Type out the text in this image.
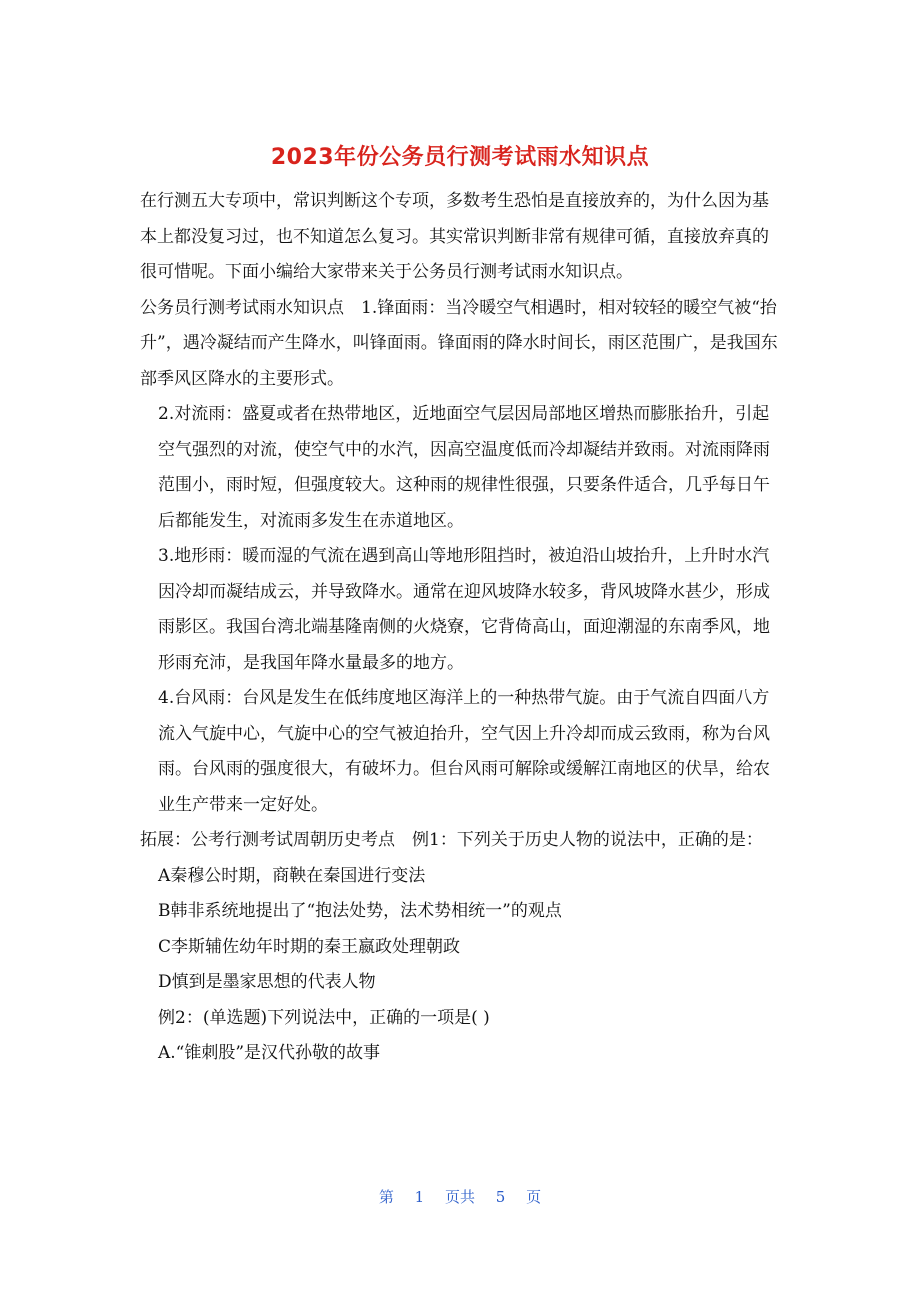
2023年份公务员行测考试雨水知识点

在行测五大专项中，常识判断这个专项，多数考生恐怕是直接放弃的，为什么因为基本上都没复习过，也不知道怎么复习。其实常识判断非常有规律可循，直接放弃真的很可惜呢。下面小编给大家带来关于公务员行测考试雨水知识点。

公务员行测考试雨水知识点　1.锋面雨：当冷暖空气相遇时，相对较轻的暖空气被“抬升”，遇冷凝结而产生降水，叫锋面雨。锋面雨的降水时间长，雨区范围广，是我国东部季风区降水的主要形式。

2.对流雨：盛夏或者在热带地区，近地面空气层因局部地区增热而膨胀抬升，引起空气强烈的对流，使空气中的水汽，因高空温度低而冷却凝结并致雨。对流雨降雨范围小，雨时短，但强度较大。这种雨的规律性很强，只要条件适合，几乎每日午后都能发生，对流雨多发生在赤道地区。

3.地形雨：暖而湿的气流在遇到高山等地形阻挡时，被迫沿山坡抬升，上升时水汽因冷却而凝结成云，并导致降水。通常在迎风坡降水较多，背风坡降水甚少，形成雨影区。我国台湾北端基隆南侧的火烧寮，它背倚高山，面迎潮湿的东南季风，地形雨充沛，是我国年降水量最多的地方。

4.台风雨：台风是发生在低纬度地区海洋上的一种热带气旋。由于气流自四面八方流入气旋中心，气旋中心的空气被迫抬升，空气因上升冷却而成云致雨，称为台风雨。台风雨的强度很大，有破坏力。但台风雨可解除或缓解江南地区的伏旱，给农业生产带来一定好处。

拓展：公考行测考试周朝历史考点　例1：下列关于历史人物的说法中，正确的是：

A秦穆公时期，商鞅在秦国进行变法

B韩非系统地提出了“抱法处势，法术势相统一”的观点

C李斯辅佐幼年时期的秦王嬴政处理朝政

D慎到是墨家思想的代表人物

例2：(单选题)下列说法中，正确的一项是( )

A.“锥刺股”是汉代孙敬的故事

第 1 页共 5 页
